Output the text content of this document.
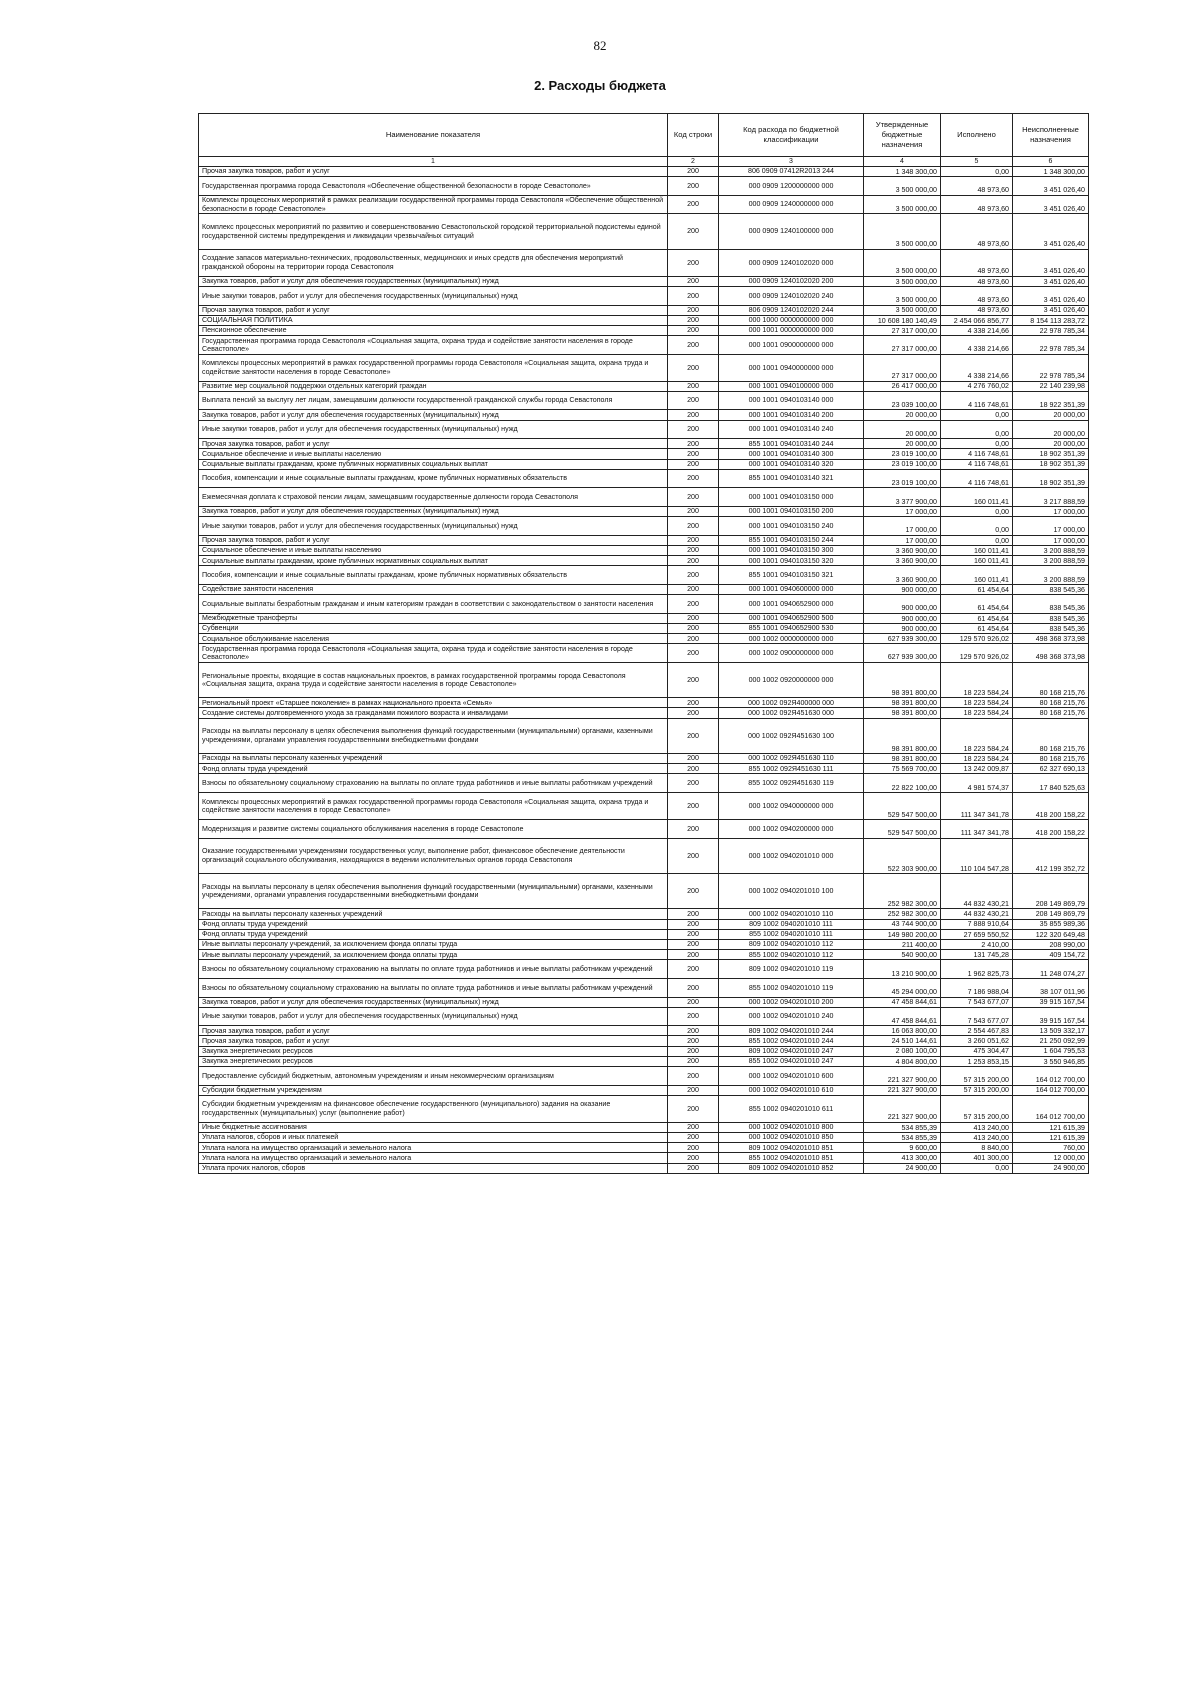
82
2. Расходы бюджета
Наименование показателя	Код строки	Код расхода по бюджетной классификации	Утвержденные бюджетные назначения	Исполнено	Неисполненные назначения
1	2	3	4	5	6
Прочая закупка товаров, работ и услуг	200	806 0909 07412R2013 244	1 348 300,00	0,00	1 348 300,00
Государственная программа города Севастополя «Обеспечение общественной безопасности в городе Севастополе»	200	000 0909 1200000000 000	3 500 000,00	48 973,60	3 451 026,40
Комплексы процессных мероприятий в рамках реализации государственной программы города Севастополя «Обеспечение общественной безопасности в городе Севастополе»	200	000 0909 1240000000 000	3 500 000,00	48 973,60	3 451 026,40
Комплекс процессных мероприятий по развитию и совершенствованию Севастопольской городской территориальной подсистемы единой государственной системы предупреждения и ликвидации чрезвычайных ситуаций	200	000 0909 1240100000 000	3 500 000,00	48 973,60	3 451 026,40
Создание запасов материально-технических, продовольственных, медицинских и иных средств для обеспечения мероприятий гражданской обороны на территории города Севастополя	200	000 0909 1240102020 000	3 500 000,00	48 973,60	3 451 026,40
Закупка товаров, работ и услуг для обеспечения государственных (муниципальных) нужд	200	000 0909 1240102020 200	3 500 000,00	48 973,60	3 451 026,40
Иные закупки товаров, работ и услуг для обеспечения государственных (муниципальных) нужд	200	000 0909 1240102020 240	3 500 000,00	48 973,60	3 451 026,40
Прочая закупка товаров, работ и услуг	200	806 0909 1240102020 244	3 500 000,00	48 973,60	3 451 026,40
СОЦИАЛЬНАЯ ПОЛИТИКА	200	000 1000 0000000000 000	10 608 180 140,49	2 454 066 856,77	8 154 113 283,72
Пенсионное обеспечение	200	000 1001 0000000000 000	27 317 000,00	4 338 214,66	22 978 785,34
Государственная программа города Севастополя «Социальная защита, охрана труда и содействие занятости населения в городе Севастополе»	200	000 1001 0900000000 000	27 317 000,00	4 338 214,66	22 978 785,34
Комплексы процессных мероприятий в рамках государственной программы города Севастополя «Социальная защита, охрана труда и содействие занятости населения в городе Севастополе»	200	000 1001 0940000000 000	27 317 000,00	4 338 214,66	22 978 785,34
Развитие мер социальной поддержки отдельных категорий граждан	200	000 1001 0940100000 000	26 417 000,00	4 276 760,02	22 140 239,98
Выплата пенсий за выслугу лет лицам, замещавшим должности государственной гражданской службы города Севастополя	200	000 1001 0940103140 000	23 039 100,00	4 116 748,61	18 922 351,39
Закупка товаров, работ и услуг для обеспечения государственных (муниципальных) нужд	200	000 1001 0940103140 200	20 000,00	0,00	20 000,00
Иные закупки товаров, работ и услуг для обеспечения государственных (муниципальных) нужд	200	000 1001 0940103140 240	20 000,00	0,00	20 000,00
Прочая закупка товаров, работ и услуг	200	855 1001 0940103140 244	20 000,00	0,00	20 000,00
Социальное обеспечение и иные выплаты населению	200	000 1001 0940103140 300	23 019 100,00	4 116 748,61	18 902 351,39
Социальные выплаты гражданам, кроме публичных нормативных социальных выплат	200	000 1001 0940103140 320	23 019 100,00	4 116 748,61	18 902 351,39
Пособия, компенсации и иные социальные выплаты гражданам, кроме публичных нормативных обязательств	200	855 1001 0940103140 321	23 019 100,00	4 116 748,61	18 902 351,39
Ежемесячная доплата к страховой пенсии лицам, замещавшим государственные должности города Севастополя	200	000 1001 0940103150 000	3 377 900,00	160 011,41	3 217 888,59
Закупка товаров, работ и услуг для обеспечения государственных (муниципальных) нужд	200	000 1001 0940103150 200	17 000,00	0,00	17 000,00
Иные закупки товаров, работ и услуг для обеспечения государственных (муниципальных) нужд	200	000 1001 0940103150 240	17 000,00	0,00	17 000,00
Прочая закупка товаров, работ и услуг	200	855 1001 0940103150 244	17 000,00	0,00	17 000,00
Социальное обеспечение и иные выплаты населению	200	000 1001 0940103150 300	3 360 900,00	160 011,41	3 200 888,59
Социальные выплаты гражданам, кроме публичных нормативных социальных выплат	200	000 1001 0940103150 320	3 360 900,00	160 011,41	3 200 888,59
Пособия, компенсации и иные социальные выплаты гражданам, кроме публичных нормативных обязательств	200	855 1001 0940103150 321	3 360 900,00	160 011,41	3 200 888,59
Содействие занятости населения	200	000 1001 0940600000 000	900 000,00	61 454,64	838 545,36
Социальные выплаты безработным гражданам и иным категориям граждан в соответствии с законодательством о занятости населения	200	000 1001 0940652900 000	900 000,00	61 454,64	838 545,36
Межбюджетные трансферты	200	000 1001 0940652900 500	900 000,00	61 454,64	838 545,36
Субвенции	200	855 1001 0940652900 530	900 000,00	61 454,64	838 545,36
Социальное обслуживание населения	200	000 1002 0000000000 000	627 939 300,00	129 570 926,02	498 368 373,98
Государственная программа города Севастополя «Социальная защита, охрана труда и содействие занятости населения в городе Севастополе»	200	000 1002 0900000000 000	627 939 300,00	129 570 926,02	498 368 373,98
Региональные проекты, входящие в состав национальных проектов, в рамках государственной программы города Севастополя «Социальная защита, охрана труда и содействие занятости населения в городе Севастополе»	200	000 1002 0920000000 000	98 391 800,00	18 223 584,24	80 168 215,76
Региональный проект «Старшее поколение» в рамках национального проекта «Семья»	200	000 1002 092Я400000 000	98 391 800,00	18 223 584,24	80 168 215,76
Создание системы долговременного ухода за гражданами пожилого возраста и инвалидами	200	000 1002 092Я451630 000	98 391 800,00	18 223 584,24	80 168 215,76
Расходы на выплаты персоналу в целях обеспечения выполнения функций государственными (муниципальными) органами, казенными учреждениями, органами управления государственными внебюджетными фондами	200	000 1002 092Я451630 100	98 391 800,00	18 223 584,24	80 168 215,76
Расходы на выплаты персоналу казенных учреждений	200	000 1002 092Я451630 110	98 391 800,00	18 223 584,24	80 168 215,76
Фонд оплаты труда учреждений	200	855 1002 092Я451630 111	75 569 700,00	13 242 009,87	62 327 690,13
Взносы по обязательному социальному страхованию на выплаты по оплате труда работников и иные выплаты работникам учреждений	200	855 1002 092Я451630 119	22 822 100,00	4 981 574,37	17 840 525,63
Комплексы процессных мероприятий в рамках государственной программы города Севастополя «Социальная защита, охрана труда и содействие занятости населения в городе Севастополе»	200	000 1002 0940000000 000	529 547 500,00	111 347 341,78	418 200 158,22
Модернизация и развитие системы социального обслуживания населения в городе Севастополе	200	000 1002 0940200000 000	529 547 500,00	111 347 341,78	418 200 158,22
Оказание государственными учреждениями государственных услуг, выполнение работ, финансовое обеспечение деятельности организаций социального обслуживания, находящихся в ведении исполнительных органов города Севастополя	200	000 1002 0940201010 000	522 303 900,00	110 104 547,28	412 199 352,72
Расходы на выплаты персоналу в целях обеспечения выполнения функций государственными (муниципальными) органами, казенными учреждениями, органами управления государственными внебюджетными фондами	200	000 1002 0940201010 100	252 982 300,00	44 832 430,21	208 149 869,79
Расходы на выплаты персоналу казенных учреждений	200	000 1002 0940201010 110	252 982 300,00	44 832 430,21	208 149 869,79
Фонд оплаты труда учреждений	200	809 1002 0940201010 111	43 744 900,00	7 888 910,64	35 855 989,36
Фонд оплаты труда учреждений	200	855 1002 0940201010 111	149 980 200,00	27 659 550,52	122 320 649,48
Иные выплаты персоналу учреждений, за исключением фонда оплаты труда	200	809 1002 0940201010 112	211 400,00	2 410,00	208 990,00
Иные выплаты персоналу учреждений, за исключением фонда оплаты труда	200	855 1002 0940201010 112	540 900,00	131 745,28	409 154,72
Взносы по обязательному социальному страхованию на выплаты по оплате труда работников и иные выплаты работникам учреждений	200	809 1002 0940201010 119	13 210 900,00	1 962 825,73	11 248 074,27
Взносы по обязательному социальному страхованию на выплаты по оплате труда работников и иные выплаты работникам учреждений	200	855 1002 0940201010 119	45 294 000,00	7 186 988,04	38 107 011,96
Закупка товаров, работ и услуг для обеспечения государственных (муниципальных) нужд	200	000 1002 0940201010 200	47 458 844,61	7 543 677,07	39 915 167,54
Иные закупки товаров, работ и услуг для обеспечения государственных (муниципальных) нужд	200	000 1002 0940201010 240	47 458 844,61	7 543 677,07	39 915 167,54
Прочая закупка товаров, работ и услуг	200	809 1002 0940201010 244	16 063 800,00	2 554 467,83	13 509 332,17
Прочая закупка товаров, работ и услуг	200	855 1002 0940201010 244	24 510 144,61	3 260 051,62	21 250 092,99
Закупка энергетических ресурсов	200	809 1002 0940201010 247	2 080 100,00	475 304,47	1 604 795,53
Закупка энергетических ресурсов	200	855 1002 0940201010 247	4 804 800,00	1 253 853,15	3 550 946,85
Предоставление субсидий бюджетным, автономным учреждениям и иным некоммерческим организациям	200	000 1002 0940201010 600	221 327 900,00	57 315 200,00	164 012 700,00
Субсидии бюджетным учреждениям	200	000 1002 0940201010 610	221 327 900,00	57 315 200,00	164 012 700,00
Субсидии бюджетным учреждениям на финансовое обеспечение государственного (муниципального) задания на оказание государственных (муниципальных) услуг (выполнение работ)	200	855 1002 0940201010 611	221 327 900,00	57 315 200,00	164 012 700,00
Иные бюджетные ассигнования	200	000 1002 0940201010 800	534 855,39	413 240,00	121 615,39
Уплата налогов, сборов и иных платежей	200	000 1002 0940201010 850	534 855,39	413 240,00	121 615,39
Уплата налога на имущество организаций и земельного налога	200	809 1002 0940201010 851	9 600,00	8 840,00	760,00
Уплата налога на имущество организаций и земельного налога	200	855 1002 0940201010 851	413 300,00	401 300,00	12 000,00
Уплата прочих налогов, сборов	200	809 1002 0940201010 852	24 900,00	0,00	24 900,00
